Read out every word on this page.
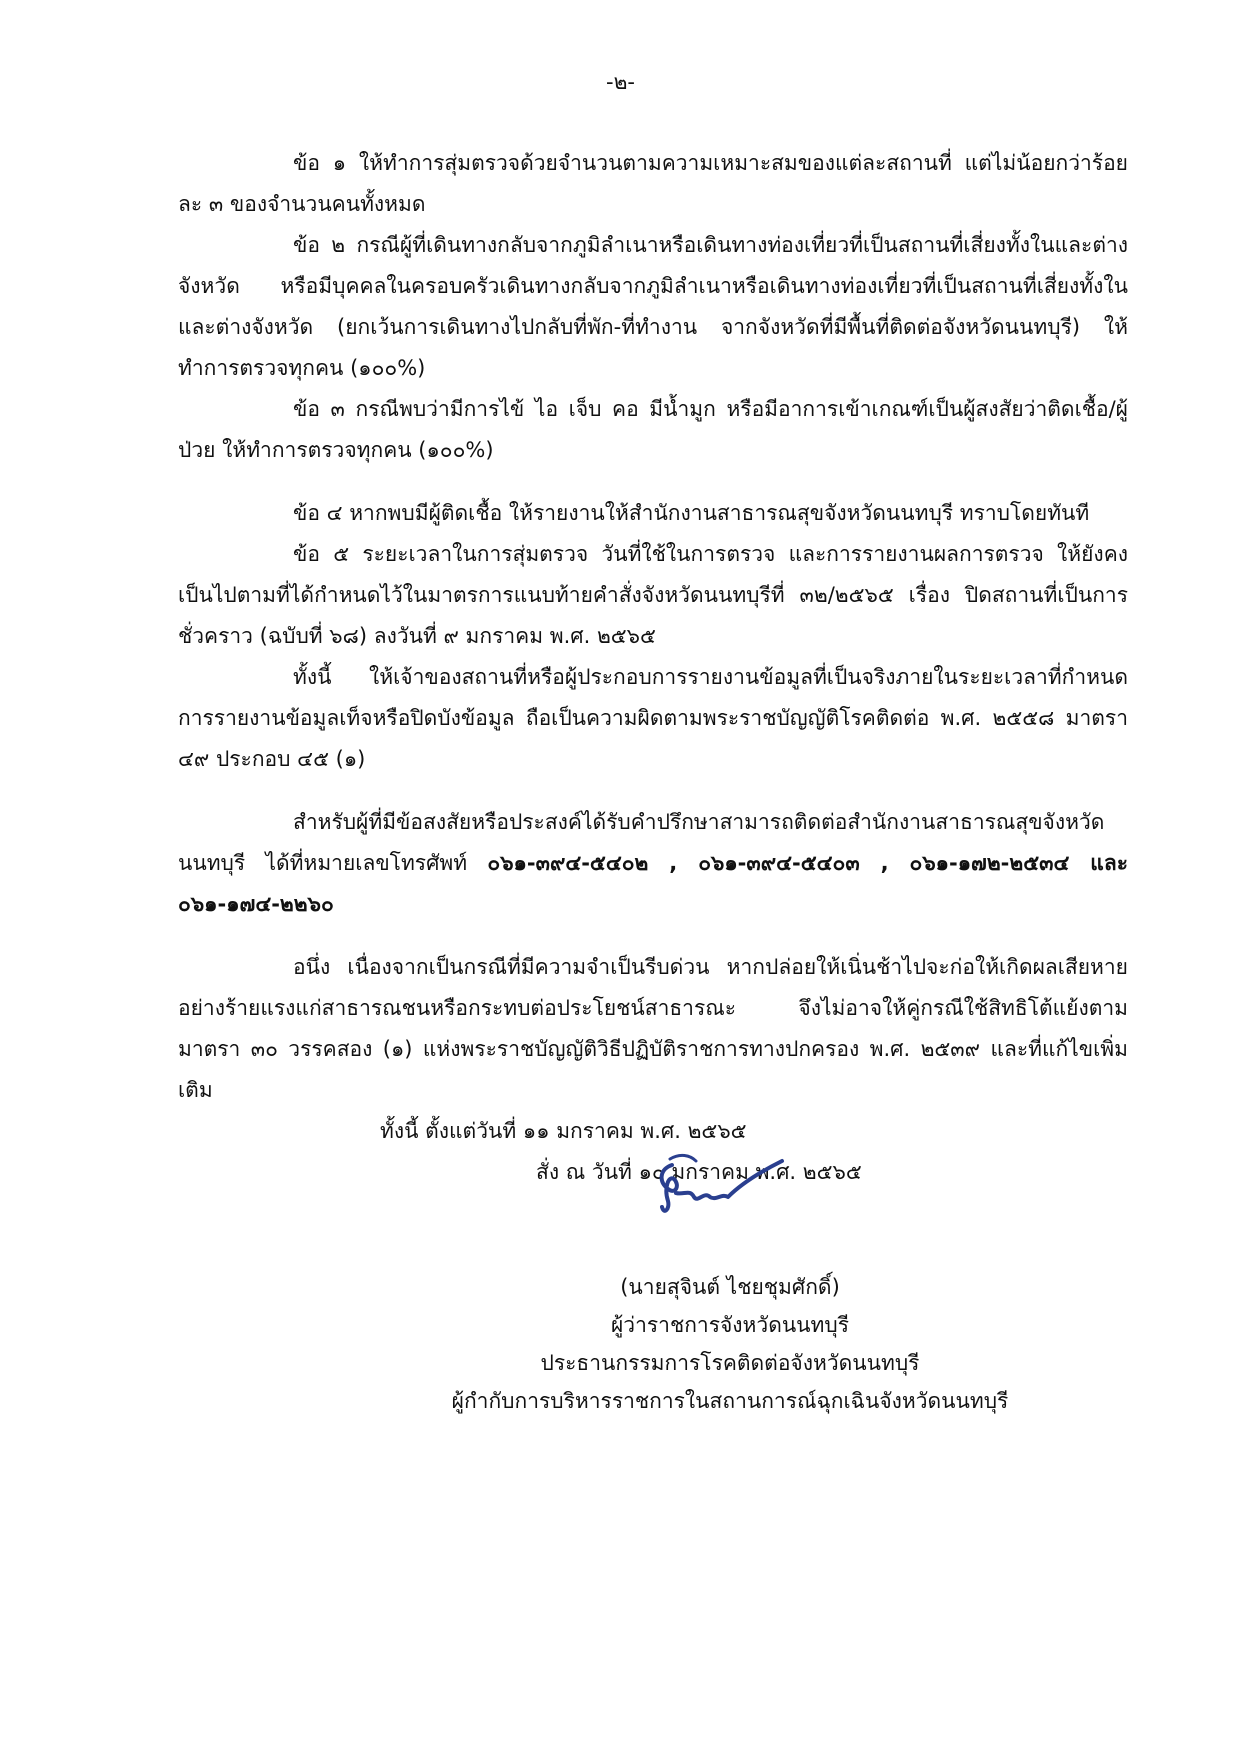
-๒-

ข้อ ๑ ให้ทำการสุ่มตรวจด้วยจำนวนตามความเหมาะสมของแต่ละสถานที่ แต่ไม่น้อยกว่าร้อยละ ๓ ของจำนวนคนทั้งหมด

ข้อ ๒ กรณีผู้ที่เดินทางกลับจากภูมิลำเนาหรือเดินทางท่องเที่ยวที่เป็นสถานที่เสี่ยงทั้งในและต่างจังหวัด หรือมีบุคคลในครอบครัวเดินทางกลับจากภูมิลำเนาหรือเดินทางท่องเที่ยวที่เป็นสถานที่เสี่ยงทั้งในและต่างจังหวัด (ยกเว้นการเดินทางไปกลับที่พัก-ที่ทำงาน จากจังหวัดที่มีพื้นที่ติดต่อจังหวัดนนทบุรี) ให้ทำการตรวจทุกคน (๑๐๐%)

ข้อ ๓ กรณีพบว่ามีการไข้ ไอ เจ็บ คอ มีน้ำมูก หรือมีอาการเข้าเกณฑ์เป็นผู้สงสัยว่าติดเชื้อ/ผู้ป่วย ให้ทำการตรวจทุกคน (๑๐๐%)

ข้อ ๔ หากพบมีผู้ติดเชื้อ ให้รายงานให้สำนักงานสาธารณสุขจังหวัดนนทบุรี ทราบโดยทันที

ข้อ ๕ ระยะเวลาในการสุ่มตรวจ วันที่ใช้ในการตรวจ และการรายงานผลการตรวจ ให้ยังคงเป็นไปตามที่ได้กำหนดไว้ในมาตรการแนบท้ายคำสั่งจังหวัดนนทบุรีที่ ๓๒/๒๕๖๕ เรื่อง ปิดสถานที่เป็นการชั่วคราว (ฉบับที่ ๖๘) ลงวันที่ ๙ มกราคม พ.ศ. ๒๕๖๕

ทั้งนี้ ให้เจ้าของสถานที่หรือผู้ประกอบการรายงานข้อมูลที่เป็นจริงภายในระยะเวลาที่กำหนด การรายงานข้อมูลเท็จหรือปิดบังข้อมูล ถือเป็นความผิดตามพระราชบัญญัติโรคติดต่อ พ.ศ. ๒๕๕๘ มาตรา ๔๙ ประกอบ ๔๕ (๑)

สำหรับผู้ที่มีข้อสงสัยหรือประสงค์ได้รับคำปรึกษาสามารถติดต่อสำนักงานสาธารณสุขจังหวัดนนทบุรี ได้ที่หมายเลขโทรศัพท์ ๐๖๑-๓๙๔-๕๔๐๒ , ๐๖๑-๓๙๔-๕๔๐๓ , ๐๖๑-๑๗๒-๒๕๓๔ และ ๐๖๑-๑๗๔-๒๒๖๐

อนึ่ง เนื่องจากเป็นกรณีที่มีความจำเป็นรีบด่วน หากปล่อยให้เนิ่นช้าไปจะก่อให้เกิดผลเสียหายอย่างร้ายแรงแก่สาธารณชนหรือกระทบต่อประโยชน์สาธารณะ จึงไม่อาจให้คู่กรณีใช้สิทธิโต้แย้งตามมาตรา ๓๐ วรรคสอง (๑) แห่งพระราชบัญญัติวิธีปฏิบัติราชการทางปกครอง พ.ศ. ๒๕๓๙ และที่แก้ไขเพิ่มเติม

ทั้งนี้ ตั้งแต่วันที่ ๑๑ มกราคม พ.ศ. ๒๕๖๕

สั่ง ณ วันที่ ๑๐ มกราคม พ.ศ. ๒๕๖๕

(นายสุจินต์ ไชยชุมศักดิ์)
ผู้ว่าราชการจังหวัดนนทบุรี
ประธานกรรมการโรคติดต่อจังหวัดนนทบุรี
ผู้กำกับการบริหารราชการในสถานการณ์ฉุกเฉินจังหวัดนนทบุรี
